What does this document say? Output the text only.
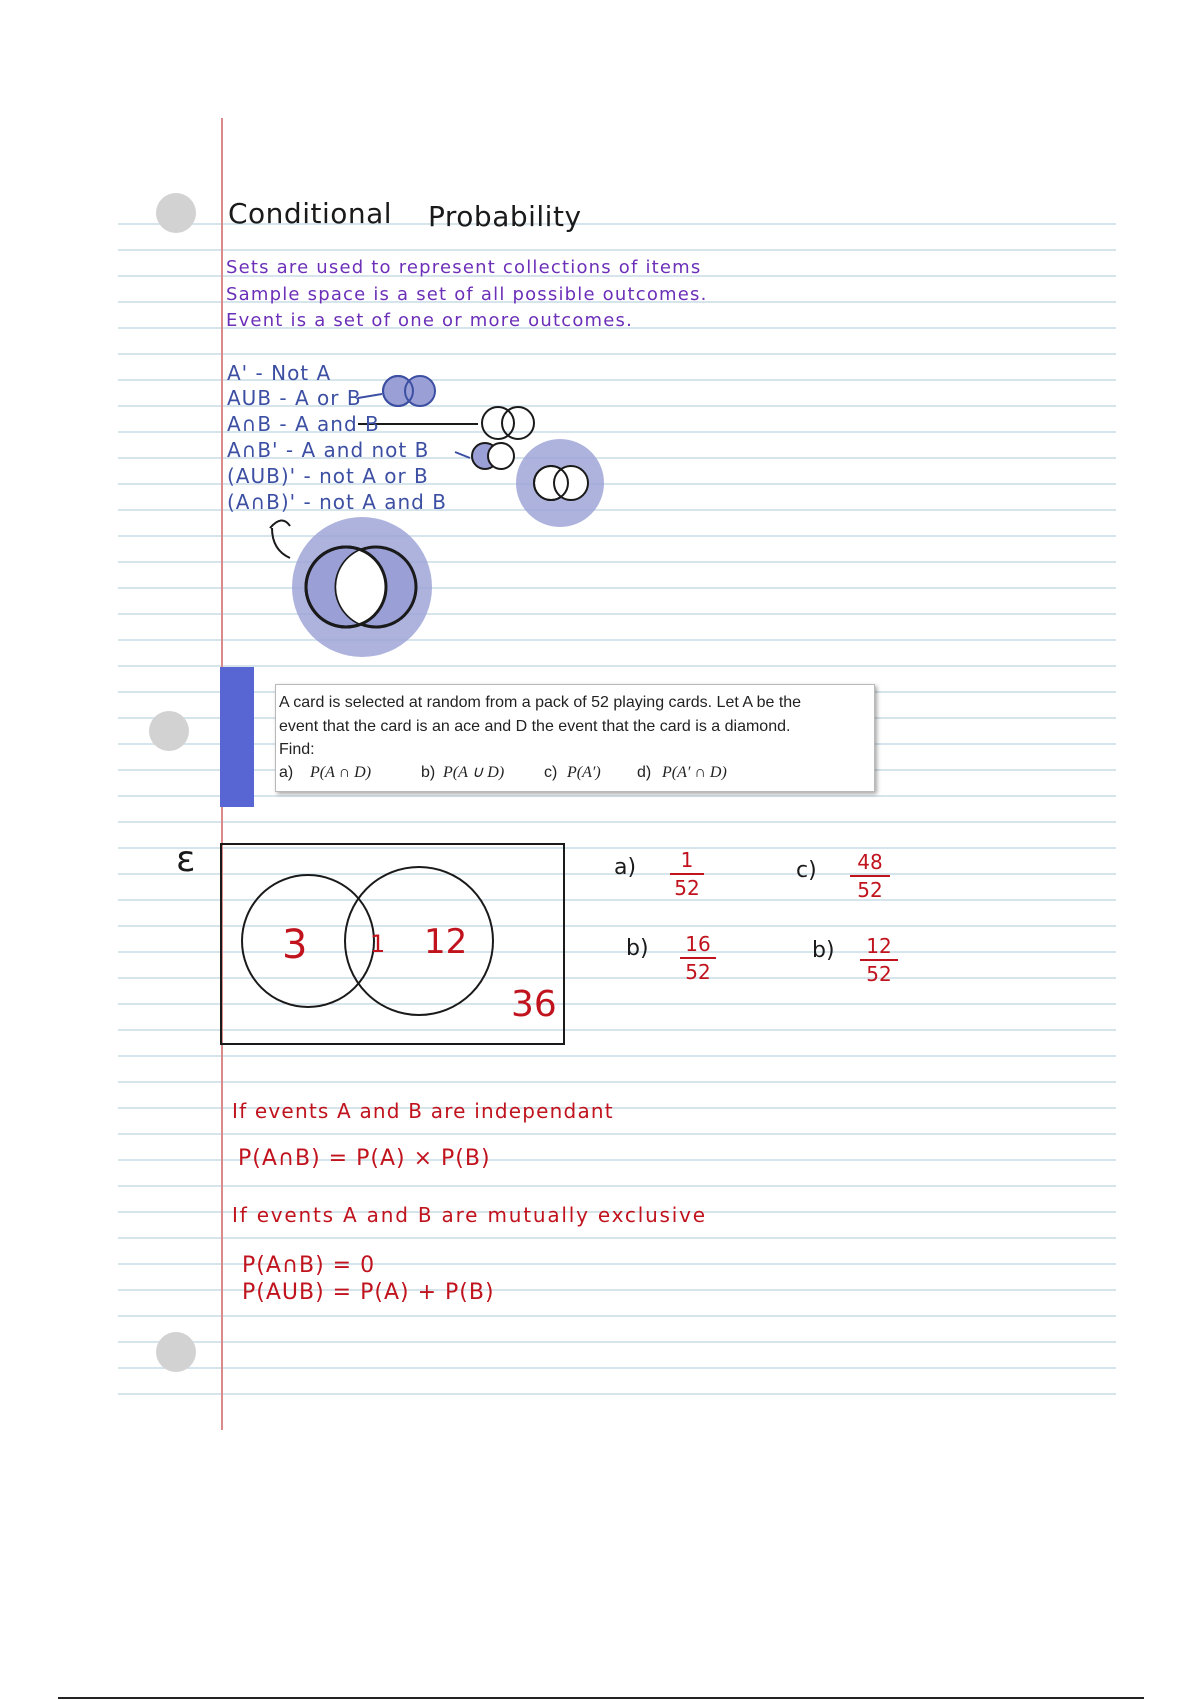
Conditional Probability
Sets are used to represent collections of items
Sample space is a set of all possible outcomes.
Event is a set of one or more outcomes.
A' - Not A
AUB - A or B
A∩B - A and B
A∩B' - A and not B
(AUB)' - not A or B
(A∩B)' - not A and B
A card is selected at random from a pack of 52 playing cards. Let A be the
event that the card is an ace and D the event that the card is a diamond.
Find:
a) P(A ∩ D)	b) P(A ∪ D) c) P(A′) d) P(A′ ∩ D)
ε
3	1 12
36
a)	1
52
c)	48
52
b) 16
52
b)	12
52
If events A and B are independant
P(A∩B) = P(A) × P(B)
If events A and B are mutually exclusive
P(A∩B) = 0
P(AUB) = P(A) + P(B)
